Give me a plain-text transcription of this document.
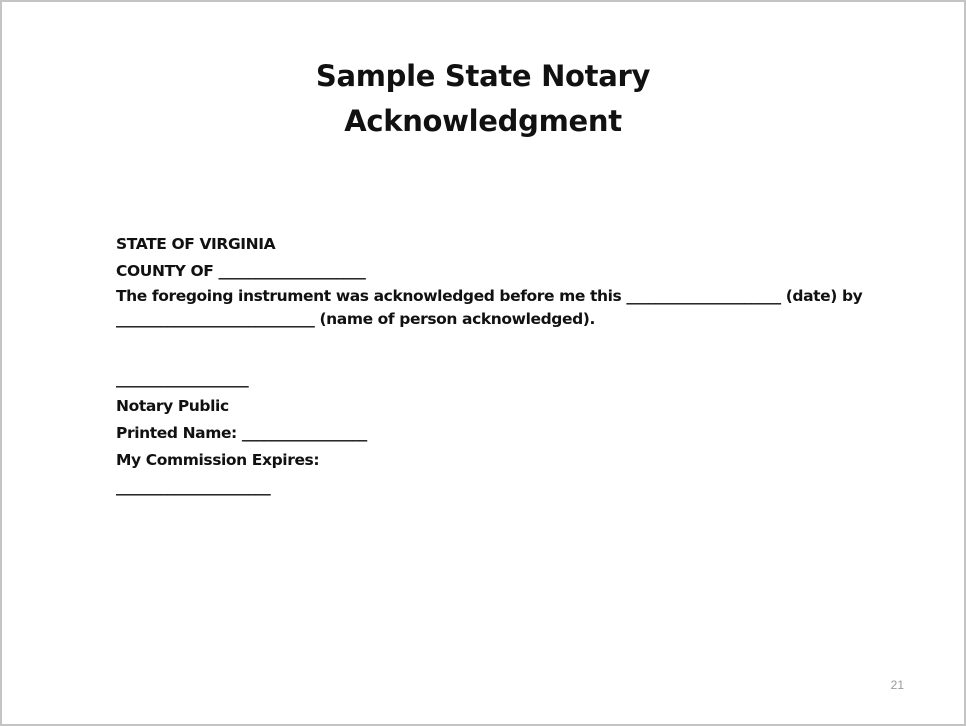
Sample State Notary
Acknowledgment
STATE OF VIRGINIA
COUNTY OF ____________________
The foregoing instrument was acknowledged before me this _____________________ (date) by
___________________________ (name of person acknowledged).
__________________
Notary Public
Printed Name: _________________
My Commission Expires:
_____________________
21
